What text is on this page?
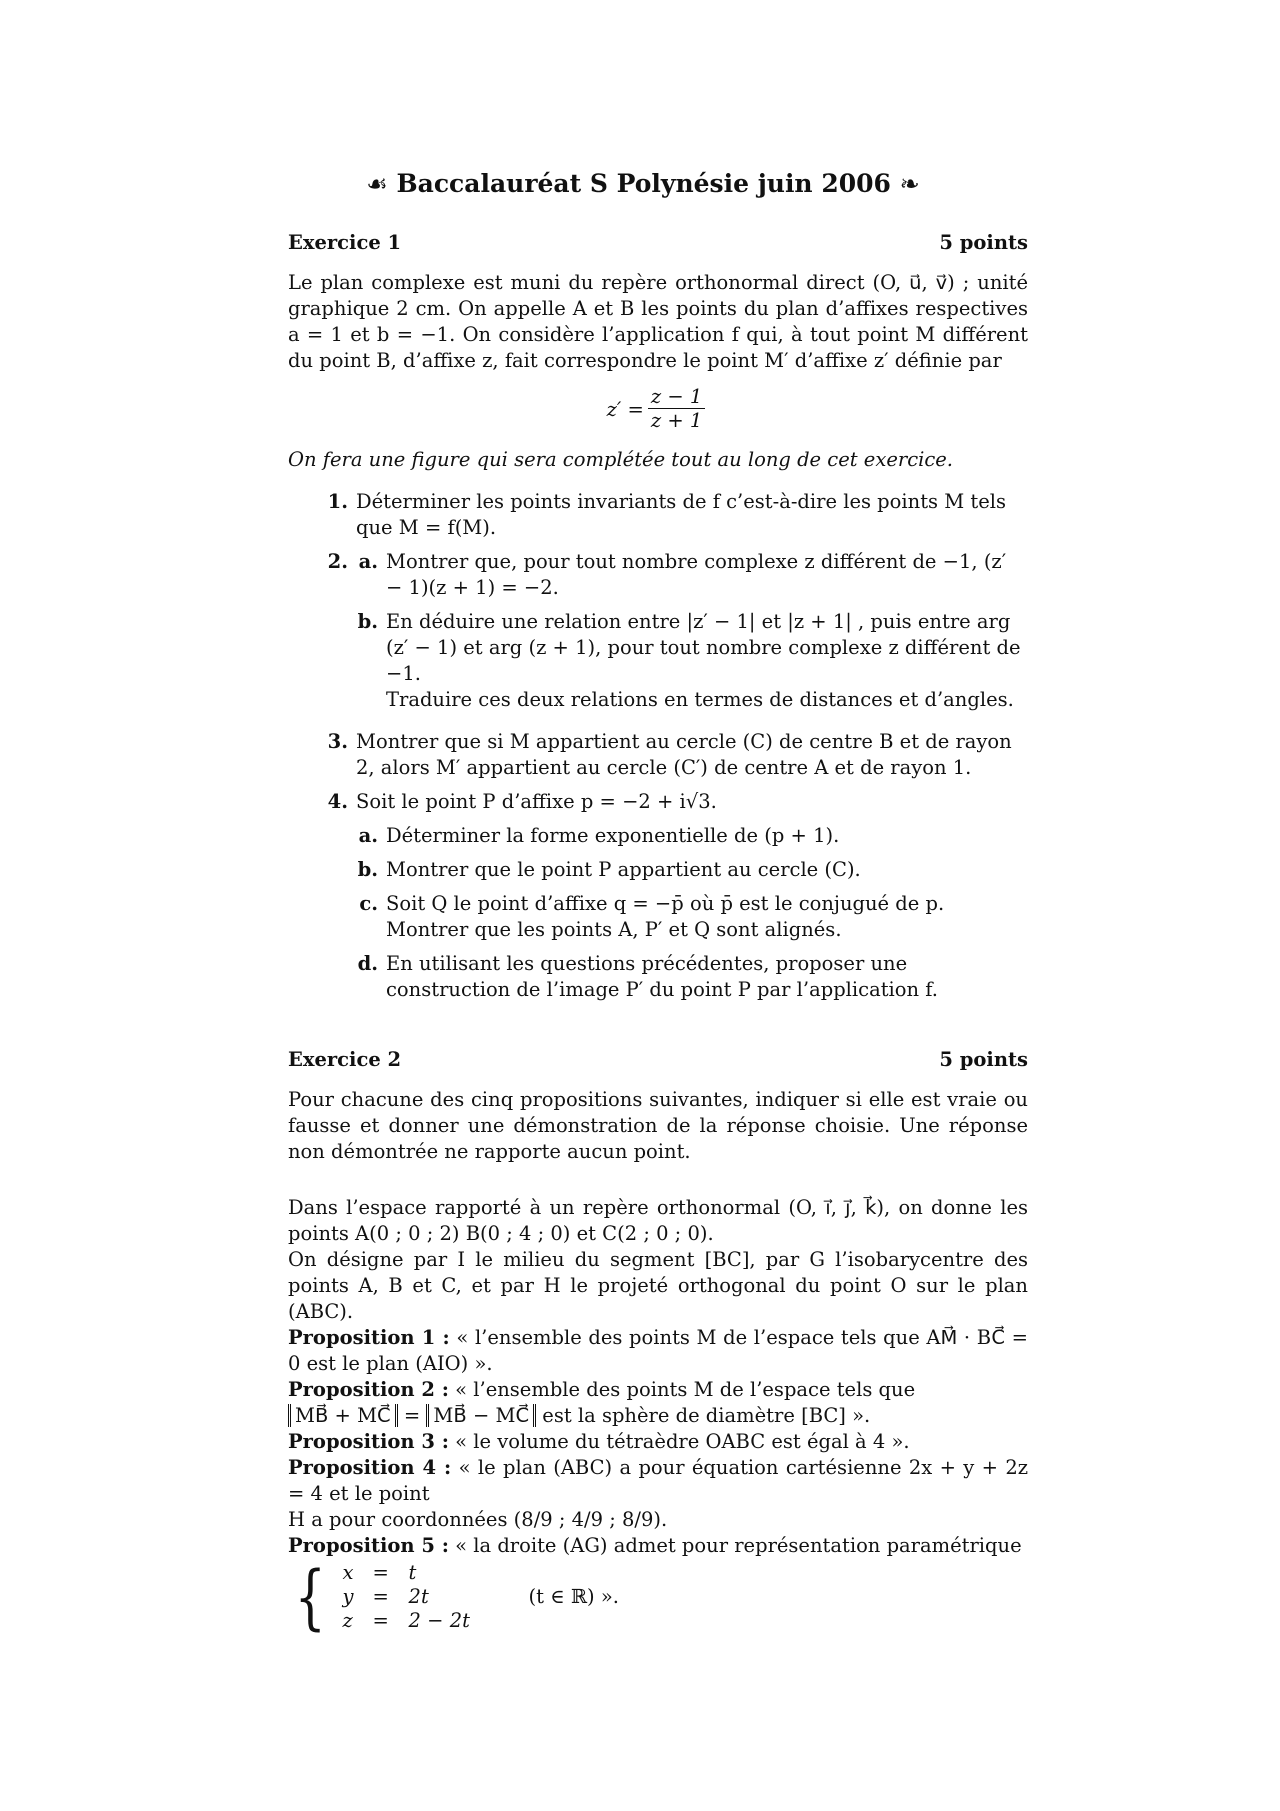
☙ Baccalauréat S Polynésie juin 2006 ❧
Exercice 1	5 points

Le plan complexe est muni du repère orthonormal direct (O, u⃗, v⃗) ; unité graphique 2 cm. On appelle A et B les points du plan d’affixes respectives a = 1 et b = −1. On considère l’application f qui, à tout point M différent du point B, d’affixe z, fait correspondre le point M′ d’affixe z′ définie par

$z' = \frac{z - 1}{z + 1}$

On fera une figure qui sera complétée tout au long de cet exercice.

1. Déterminer les points invariants de f c’est-à-dire les points M tels que M = f(M).
2. a. Montrer que, pour tout nombre complexe z différent de −1, (z′ − 1)(z + 1) = −2.
b. En déduire une relation entre |z′ − 1| et |z + 1| , puis entre arg (z′ − 1) et arg (z + 1), pour tout nombre complexe z différent de −1.
Traduire ces deux relations en termes de distances et d’angles.
3. Montrer que si M appartient au cercle (C) de centre B et de rayon 2, alors M′ appartient au cercle (C′) de centre A et de rayon 1.
4. Soit le point P d’affixe p = −2 + i√3.
a. Déterminer la forme exponentielle de (p + 1).
b. Montrer que le point P appartient au cercle (C).
c. Soit Q le point d’affixe q = −p̄ où p̄ est le conjugué de p.
Montrer que les points A, P′ et Q sont alignés.
d. En utilisant les questions précédentes, proposer une construction de l’image P′ du point P par l’application f.
Exercice 2	5 points

Pour chacune des cinq propositions suivantes, indiquer si elle est vraie ou fausse et donner une démonstration de la réponse choisie. Une réponse non démontrée ne rapporte aucun point.

Dans l’espace rapporté à un repère orthonormal (O, i⃗, j⃗, k⃗), on donne les points A(0 ; 0 ; 2) B(0 ; 4 ; 0) et C(2 ; 0 ; 0).

On désigne par I le milieu du segment [BC], par G l’isobarycentre des points A, B et C, et par H le projeté orthogonal du point O sur le plan (ABC).

Proposition 1 : « l’ensemble des points M de l’espace tels que AM⃗ · BC⃗ = 0 est le plan (AIO) ».
Proposition 2 : « l’ensemble des points M de l’espace tels que
MB⃗ + MC⃗ = MB⃗ − MC⃗ est la sphère de diamètre [BC] ».
Proposition 3 : « le volume du tétraèdre OABC est égal à 4 ».
Proposition 4 : « le plan (ABC) a pour équation cartésienne 2x + y + 2z = 4 et le point
H a pour coordonnées (8/9 ; 4/9 ; 8/9).
Proposition 5 : « la droite (AG) admet pour représentation paramétrique
{ x =	t
y =	2t
z	=	2 − 2t
(t ∈ ℝ) ».
